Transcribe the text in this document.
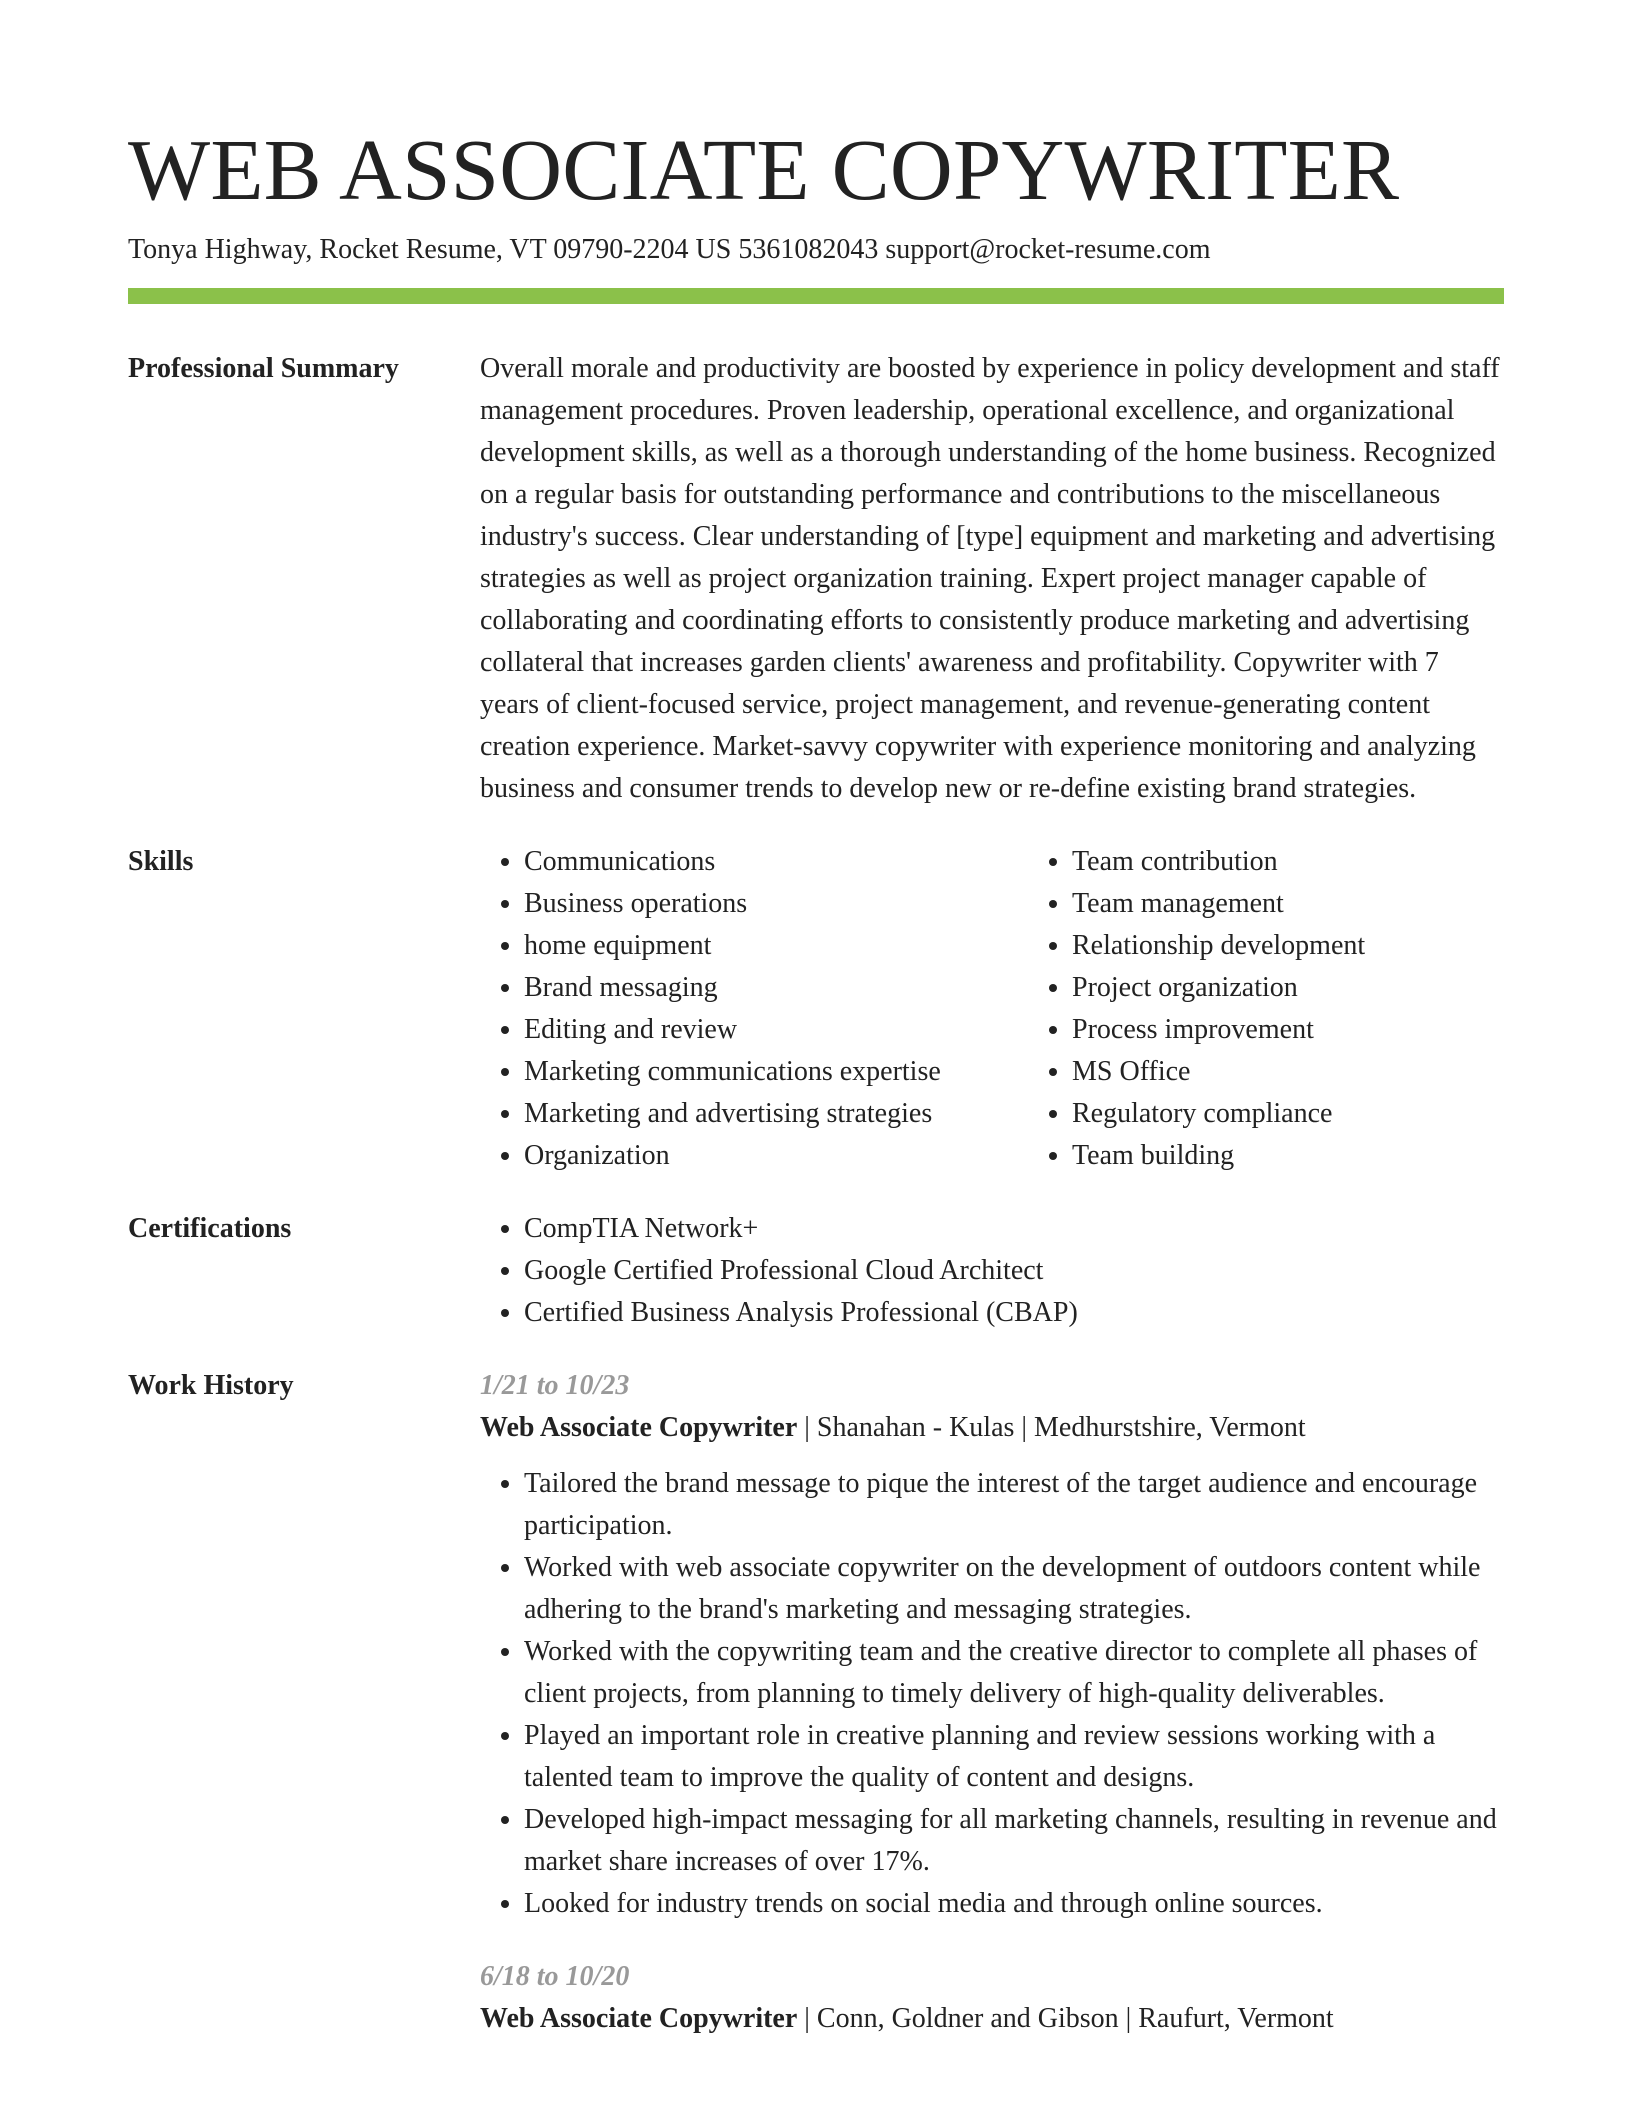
WEB ASSOCIATE COPYWRITER
Tonya Highway, Rocket Resume, VT 09790-2204 US 5361082043 support@rocket-resume.com
Professional Summary	Overall morale and productivity are boosted by experience in policy development and staff management procedures. Proven leadership, operational excellence, and organizational development skills, as well as a thorough understanding of the home business. Recognized on a regular basis for outstanding performance and contributions to the miscellaneous industry's success. Clear understanding of [type] equipment and marketing and advertising strategies as well as project organization training. Expert project manager capable of collaborating and coordinating efforts to consistently produce marketing and advertising collateral that increases garden clients' awareness and profitability. Copywriter with 7 years of client-focused service, project management, and revenue-generating content creation experience. Market-savvy copywriter with experience monitoring and analyzing business and consumer trends to develop new or re-define existing brand strategies.

Skills	• Communications
• Business operations
• home equipment
• Brand messaging
• Editing and review
• Marketing communications expertise
• Marketing and advertising strategies
• Organization
• Team contribution
• Team management
• Relationship development
• Project organization
• Process improvement
• MS Office
• Regulatory compliance
• Team building
Certifications	• CompTIA Network+
• Google Certified Professional Cloud Architect
• Certified Business Analysis Professional (CBAP)
Work History	1/21 to 10/23
Web Associate Copywriter | Shanahan - Kulas | Medhurstshire, Vermont
• Tailored the brand message to pique the interest of the target audience and encourage participation.
• Worked with web associate copywriter on the development of outdoors content while adhering to the brand's marketing and messaging strategies.
• Worked with the copywriting team and the creative director to complete all phases of client projects, from planning to timely delivery of high-quality deliverables.
• Played an important role in creative planning and review sessions working with a talented team to improve the quality of content and designs.
• Developed high-impact messaging for all marketing channels, resulting in revenue and market share increases of over 17%.
• Looked for industry trends on social media and through online sources.
6/18 to 10/20
Web Associate Copywriter | Conn, Goldner and Gibson | Raufurt, Vermont
